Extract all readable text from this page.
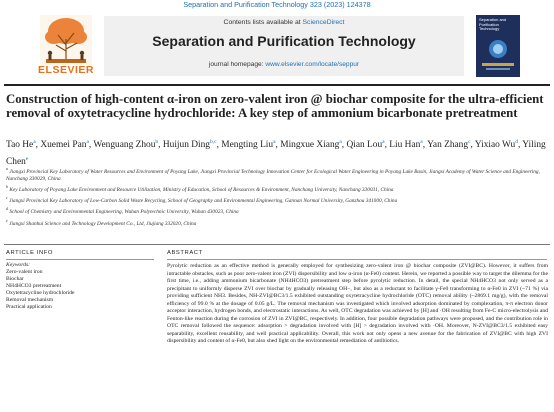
Separation and Purification Technology 323 (2023) 124378
ELSEVIER
Contents lists available at ScienceDirect
Separation and Purification Technology
journal homepage: www.elsevier.com/locate/seppur
Separation and Purification Technology
Construction of high-content α-iron on zero-valent iron @ biochar composite for the ultra-efficient removal of oxytetracycline hydrochloride: A key step of ammonium bicarbonate pretreatment
Tao He$^a$, Xuemei Pan$^a$, Wenguang Zhou$^b$, Huijun Ding$^{b,c}$, Mengting Liu$^a$, Mingxue Xiang$^a$, Qian Lou$^a$, Liu Han$^a$, Yan Zhang$^c$, Yixiao Wu$^d$, Yiling Chen$^e$
$^a$ Jiangxi Provincial Key Laboratory of Water Resources and Environment of Poyang Lake, Jiangxi Provincial Technology Innovation Center for Ecological Water Engineering in Poyang Lake Basin, Jiangxi Academy of Water Science and Engineering, Nanchang 330029, China
$^b$ Key Laboratory of Poyang Lake Environment and Resource Utilization, Ministry of Education, School of Resources & Environment, Nanchang University, Nanchang 330031, China
$^c$ Jiangxi Provincial Key Laboratory of Low-Carbon Solid Waste Recycling, School of Geography and Environmental Engineering, Gannan Normal University, Ganzhou 341000, China
$^d$ School of Chemistry and Environmental Engineering, Wuhan Polytechnic University, Wuhan 430023, China
$^e$ Jiangxi Shanhui Science and Technology Development Co., Ltd, Jiujiang 332020, China
ARTICLE INFO
Keywords:
Zero-valent iron
Biochar
NH4HCO3 pretreatment
Oxytetracycline hydrochloride
Removal mechanism
Practical application
ABSTRACT

Pyrolytic reduction as an effective method is generally employed for synthesizing zero-valent iron @ biochar composite (ZVI@BC). However, it suffers from intractable obstacles, such as poor zero-valent iron (ZVI) dispersibility and low α-iron (α-Fe0) content. Herein, we reported a possible way to target the dilemma for the first time, i.e., adding ammonium bicarbonate (NH4HCO3) pretreatment step before pyrolytic reduction. In detail, the special NH4HCO3 not only served as a precipitant to uniformly disperse ZVI over biochar by gradually releasing OH−, but also as a reductant to facilitate γ-Fe0 transforming to α-Fe0 in ZVI (~71 %) via providing sufficient NH3. Besides, NH-ZVI@BC3/1.5 exhibited outstanding oxytetracycline hydrochloride (OTC) removal ability (~2869.1 mg/g), with the removal efficiency of 99.0 % at the dosage of 0.05 g/L. The removal mechanism was investigated which involved adsorption dominated by complexation, π-π electron donor acceptor interaction, hydrogen bonds, and electrostatic interactions. As well, OTC degradation was achieved by [H] and ·OH resulting from Fe-C micro-electrolysis and Fenton-like reaction during the corrosion of ZVI in ZVI@BC, respectively. In addition, four possible degradation pathways were proposed, and the contribution role in OTC removal followed the sequence: adsorption > degradation involved with [H] > degradation involved with ·OH. Moreover, N-ZVI@BC3/1.5 exhibited easy separability, excellent reusability, and well practical applicability. Overall, this work not only opens a new avenue for the fabrication of ZVI@BC with high ZVI dispersibility and content of α-Fe0, but also shed light on the environmental remediation of antibiotics.
